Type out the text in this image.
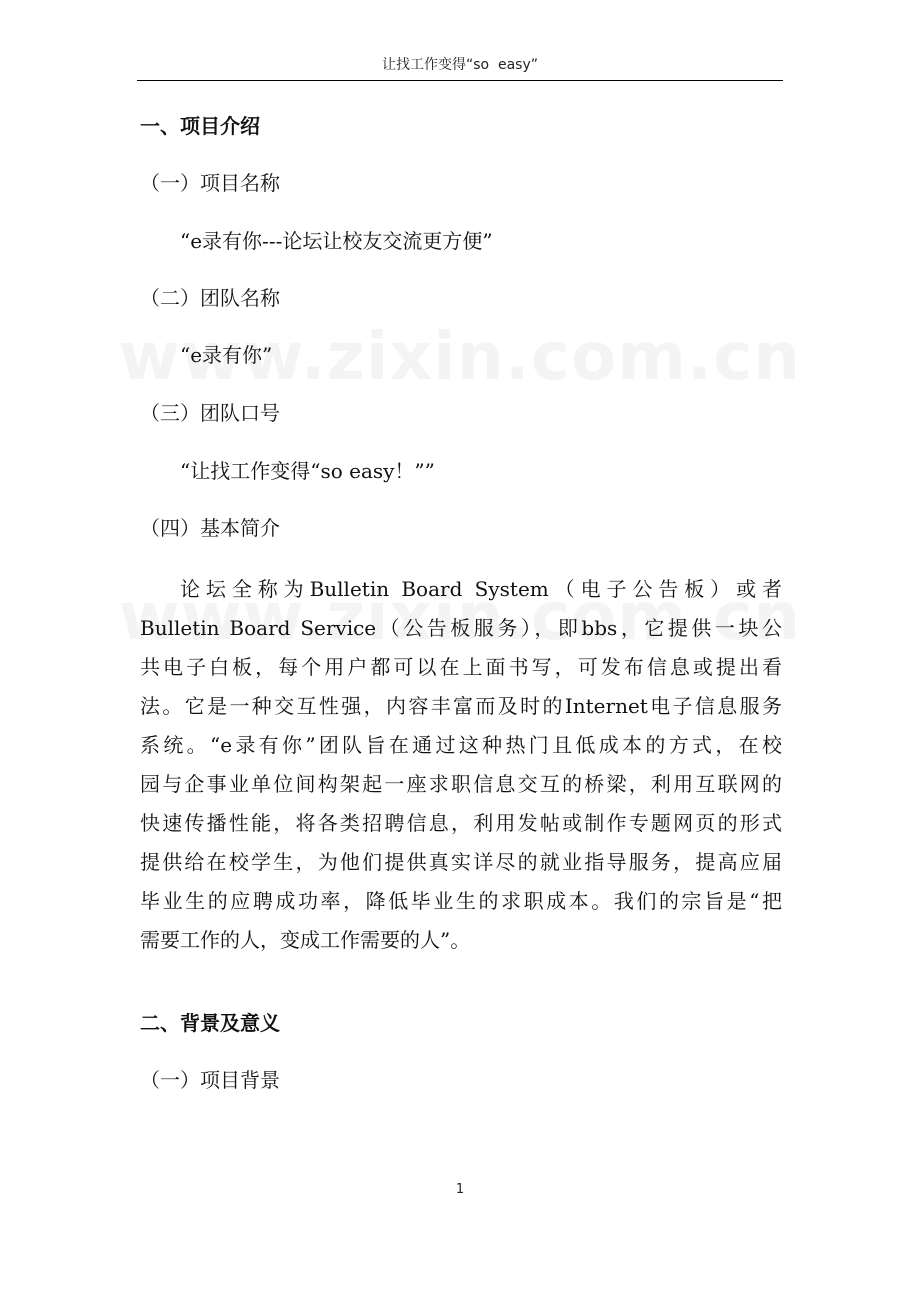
让找工作变得“so  easy”
一、项目介绍
（一）项目名称
“e录有你---论坛让校友交流更方便”
（二）团队名称
“e录有你”
（三）团队口号
“让找工作变得“so easy！””
（四）基本简介
论坛全称为Bulletin Board System（电子公告板）或者
Bulletin Board Service（公告板服务），即bbs，它提供一块公
共电子白板，每个用户都可以在上面书写，可发布信息或提出看
法。它是一种交互性强，内容丰富而及时的Internet电子信息服务
系统。“e录有你”团队旨在通过这种热门且低成本的方式，在校
园与企事业单位间构架起一座求职信息交互的桥梁，利用互联网的
快速传播性能，将各类招聘信息，利用发帖或制作专题网页的形式
提供给在校学生，为他们提供真实详尽的就业指导服务，提高应届
毕业生的应聘成功率，降低毕业生的求职成本。我们的宗旨是“把
需要工作的人，变成工作需要的人”。
二、背景及意义
（一）项目背景
1
